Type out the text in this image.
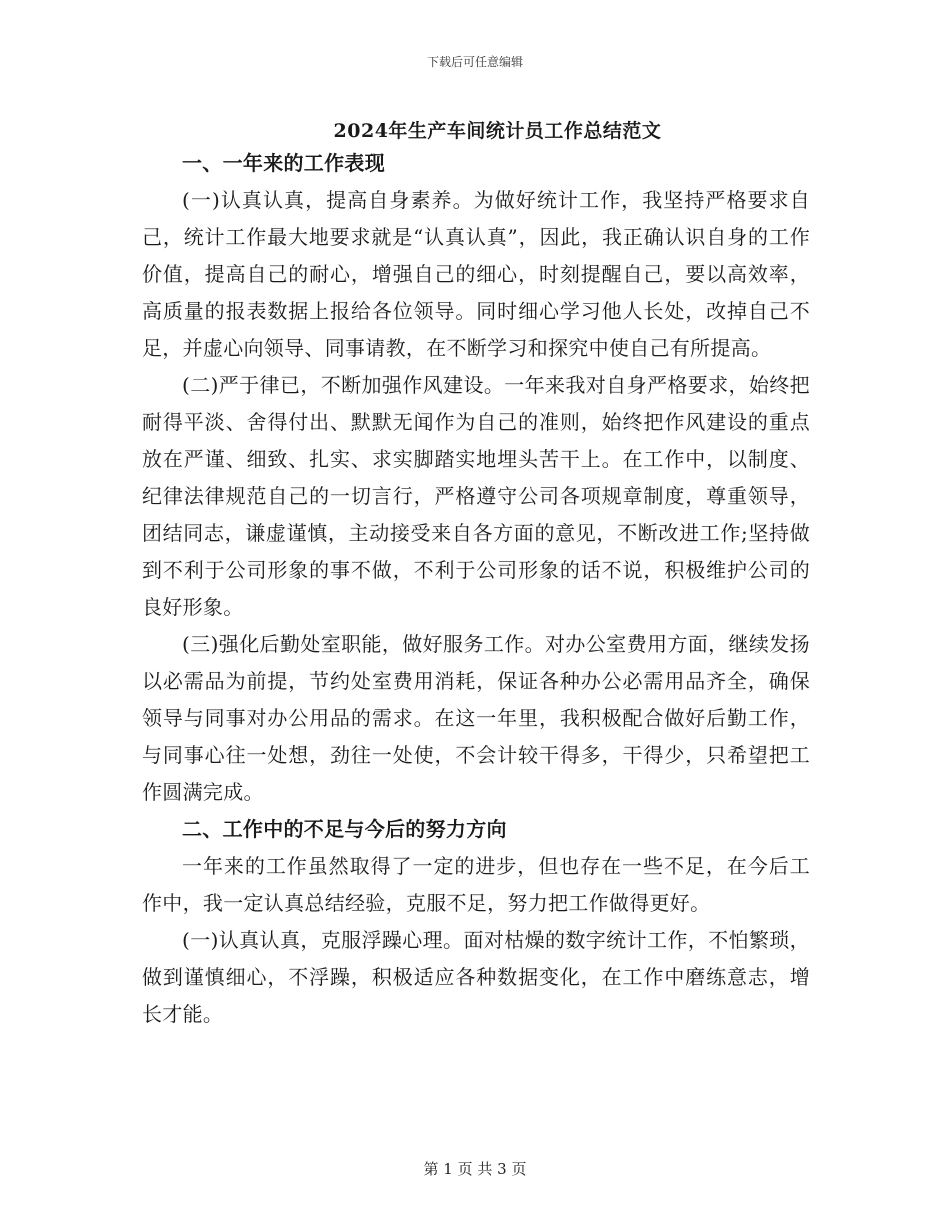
下载后可任意编辑
2024年生产车间统计员工作总结范文
一、一年来的工作表现

(一)认真认真，提高自身素养。为做好统计工作，我坚持严格要求自己，统计工作最大地要求就是“认真认真”，因此，我正确认识自身的工作价值，提高自己的耐心，增强自己的细心，时刻提醒自己，要以高效率，高质量的报表数据上报给各位领导。同时细心学习他人长处，改掉自己不足，并虚心向领导、同事请教，在不断学习和探究中使自己有所提高。

(二)严于律已，不断加强作风建设。一年来我对自身严格要求，始终把耐得平淡、舍得付出、默默无闻作为自己的准则，始终把作风建设的重点放在严谨、细致、扎实、求实脚踏实地埋头苦干上。在工作中，以制度、纪律法律规范自己的一切言行，严格遵守公司各项规章制度，尊重领导，团结同志，谦虚谨慎，主动接受来自各方面的意见，不断改进工作;坚持做到不利于公司形象的事不做，不利于公司形象的话不说，积极维护公司的良好形象。

(三)强化后勤处室职能，做好服务工作。对办公室费用方面，继续发扬以必需品为前提，节约处室费用消耗，保证各种办公必需用品齐全，确保领导与同事对办公用品的需求。在这一年里，我积极配合做好后勤工作，与同事心往一处想，劲往一处使，不会计较干得多，干得少，只希望把工作圆满完成。

二、工作中的不足与今后的努力方向

一年来的工作虽然取得了一定的进步，但也存在一些不足，在今后工作中，我一定认真总结经验，克服不足，努力把工作做得更好。

(一)认真认真，克服浮躁心理。面对枯燥的数字统计工作，不怕繁琐，做到谨慎细心，不浮躁，积极适应各种数据变化，在工作中磨练意志，增长才能。

第 1 页 共 3 页
